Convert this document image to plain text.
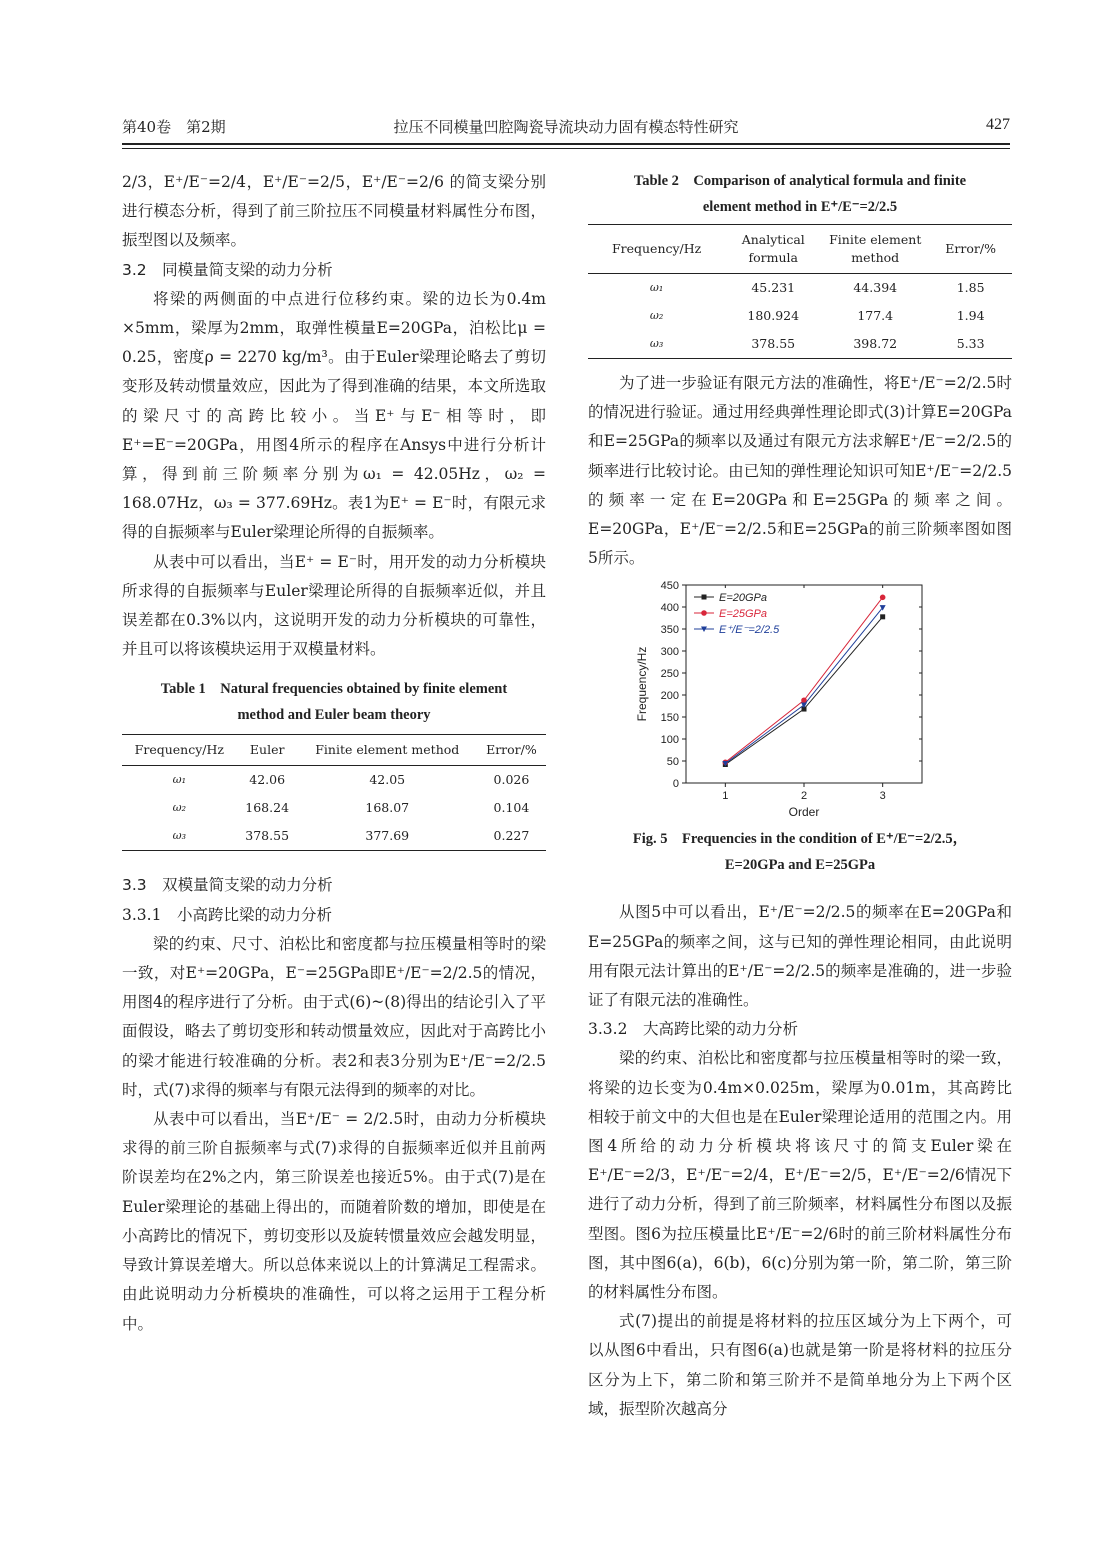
第40卷　第2期	拉压不同模量凹腔陶瓷导流块动力固有模态特性研究	427

2/3，E⁺/E⁻=2/4，E⁺/E⁻=2/5，E⁺/E⁻=2/6 的简支梁分别进行模态分析，得到了前三阶拉压不同模量材料属性分布图，振型图以及频率。

3.2　同模量简支梁的动力分析

将梁的两侧面的中点进行位移约束。梁的边长为0.4m ×5mm，梁厚为2mm，取弹性模量E=20GPa，泊松比μ = 0.25，密度ρ = 2270 kg/m³。由于Euler梁理论略去了剪切变形及转动惯量效应，因此为了得到准确的结果，本文所选取的梁尺寸的高跨比较小。当E⁺与E⁻相等时，即E⁺=E⁻=20GPa，用图4所示的程序在Ansys中进行分析计算，得到前三阶频率分别为ω₁ = 42.05Hz，ω₂ = 168.07Hz，ω₃ = 377.69Hz。表1为E⁺ = E⁻时，有限元求得的自振频率与Euler梁理论所得的自振频率。

从表中可以看出，当E⁺ = E⁻时，用开发的动力分析模块所求得的自振频率与Euler梁理论所得的自振频率近似，并且误差都在0.3%以内，这说明开发的动力分析模块的可靠性，并且可以将该模块运用于双模量材料。

Table 1　Natural frequencies obtained by finite element
method and Euler beam theory
Frequency/Hz	Euler	Finite element method	Error/%
ω₁	42.06	42.05	0.026
ω₂	168.24	168.07	0.104
ω₃	378.55	377.69	0.227

3.3　双模量简支梁的动力分析

3.3.1　小高跨比梁的动力分析

梁的约束、尺寸、泊松比和密度都与拉压模量相等时的梁一致，对E⁺=20GPa，E⁻=25GPa即E⁺/E⁻=2/2.5的情况，用图4的程序进行了分析。由于式(6)~(8)得出的结论引入了平面假设，略去了剪切变形和转动惯量效应，因此对于高跨比小的梁才能进行较准确的分析。表2和表3分别为E⁺/E⁻=2/2.5时，式(7)求得的频率与有限元法得到的频率的对比。

从表中可以看出，当E⁺/E⁻ = 2/2.5时，由动力分析模块求得的前三阶自振频率与式(7)求得的自振频率近似并且前两阶误差均在2%之内，第三阶误差也接近5%。由于式(7)是在Euler梁理论的基础上得出的，而随着阶数的增加，即使是在小高跨比的情况下，剪切变形以及旋转惯量效应会越发明显，导致计算误差增大。所以总体来说以上的计算满足工程需求。由此说明动力分析模块的准确性，可以将之运用于工程分析中。

Table 2　Comparison of analytical formula and finite
element method in E⁺/E⁻=2/2.5
Frequency/Hz	Analytical formula	Finite element method	Error/%
ω₁	45.231	44.394	1.85
ω₂	180.924	177.4	1.94
ω₃	378.55	398.72	5.33

为了进一步验证有限元方法的准确性，将E⁺/E⁻=2/2.5时的情况进行验证。通过用经典弹性理论即式(3)计算E=20GPa和E=25GPa的频率以及通过有限元方法求解E⁺/E⁻=2/2.5的频率进行比较讨论。由已知的弹性理论知识可知E⁺/E⁻=2/2.5的频率一定在E=20GPa和E=25GPa的频率之间。E=20GPa，E⁺/E⁻=2/2.5和E=25GPa的前三阶频率图如图5所示。

0
50
100
150
200
250
300
350
400
450
1	2	3
Order
Frequency/Hz
E=20GPa
E=25GPa
E⁺/E⁻=2/2.5
Fig. 5　Frequencies in the condition of E⁺/E⁻=2/2.5，
E=20GPa and E=25GPa

从图5中可以看出，E⁺/E⁻=2/2.5的频率在E=20GPa和E=25GPa的频率之间，这与已知的弹性理论相同，由此说明用有限元法计算出的E⁺/E⁻=2/2.5的频率是准确的，进一步验证了有限元法的准确性。

3.3.2　大高跨比梁的动力分析

梁的约束、泊松比和密度都与拉压模量相等时的梁一致，将梁的边长变为0.4m×0.025m，梁厚为0.01m，其高跨比相较于前文中的大但也是在Euler梁理论适用的范围之内。用图4所给的动力分析模块将该尺寸的简支Euler梁在E⁺/E⁻=2/3，E⁺/E⁻=2/4，E⁺/E⁻=2/5，E⁺/E⁻=2/6情况下进行了动力分析，得到了前三阶频率，材料属性分布图以及振型图。图6为拉压模量比E⁺/E⁻=2/6时的前三阶材料属性分布图，其中图6(a)，6(b)，6(c)分别为第一阶，第二阶，第三阶的材料属性分布图。

式(7)提出的前提是将材料的拉压区域分为上下两个，可以从图6中看出，只有图6(a)也就是第一阶是将材料的拉压分区分为上下，第二阶和第三阶并不是简单地分为上下两个区域，振型阶次越高分
